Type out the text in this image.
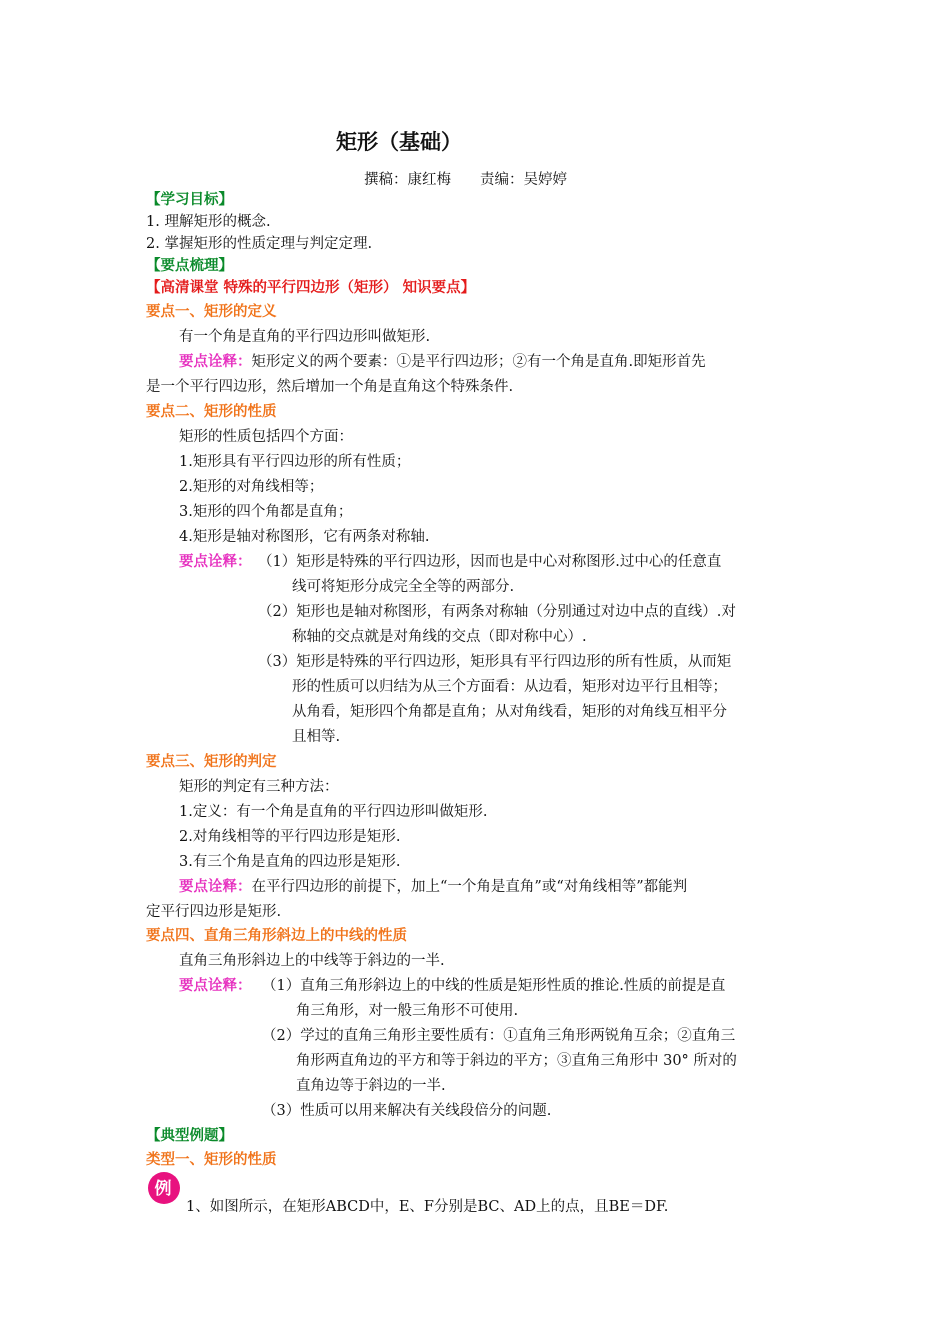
矩形（基础）
撰稿：康红梅　　责编：吴婷婷
【学习目标】
1. 理解矩形的概念.
2. 掌握矩形的性质定理与判定定理.
【要点梳理】
【高清课堂 特殊的平行四边形（矩形） 知识要点】
要点一、矩形的定义
有一个角是直角的平行四边形叫做矩形.
要点诠释：矩形定义的两个要素：①是平行四边形；②有一个角是直角.即矩形首先
是一个平行四边形，然后增加一个角是直角这个特殊条件.
要点二、矩形的性质
矩形的性质包括四个方面：
1.矩形具有平行四边形的所有性质；
2.矩形的对角线相等；
3.矩形的四个角都是直角；
4.矩形是轴对称图形，它有两条对称轴.
要点诠释： （1）矩形是特殊的平行四边形，因而也是中心对称图形.过中心的任意直
线可将矩形分成完全全等的两部分.
（2）矩形也是轴对称图形，有两条对称轴（分别通过对边中点的直线）.对
称轴的交点就是对角线的交点（即对称中心）.
（3）矩形是特殊的平行四边形，矩形具有平行四边形的所有性质，从而矩
形的性质可以归结为从三个方面看：从边看，矩形对边平行且相等；
从角看，矩形四个角都是直角；从对角线看，矩形的对角线互相平分
且相等.
要点三、矩形的判定
矩形的判定有三种方法：
1.定义：有一个角是直角的平行四边形叫做矩形.
2.对角线相等的平行四边形是矩形.
3.有三个角是直角的四边形是矩形.
要点诠释：在平行四边形的前提下，加上“一个角是直角”或“对角线相等”都能判
定平行四边形是矩形.
要点四、直角三角形斜边上的中线的性质
直角三角形斜边上的中线等于斜边的一半.
要点诠释： （1）直角三角形斜边上的中线的性质是矩形性质的推论.性质的前提是直
角三角形，对一般三角形不可使用.
（2）学过的直角三角形主要性质有：①直角三角形两锐角互余；②直角三
角形两直角边的平方和等于斜边的平方；③直角三角形中 30° 所对的
直角边等于斜边的一半.
（3）性质可以用来解决有关线段倍分的问题.
【典型例题】
类型一、矩形的性质
例
1、如图所示，在矩形ABCD中，E、F分别是BC、AD上的点，且BE＝DF.
